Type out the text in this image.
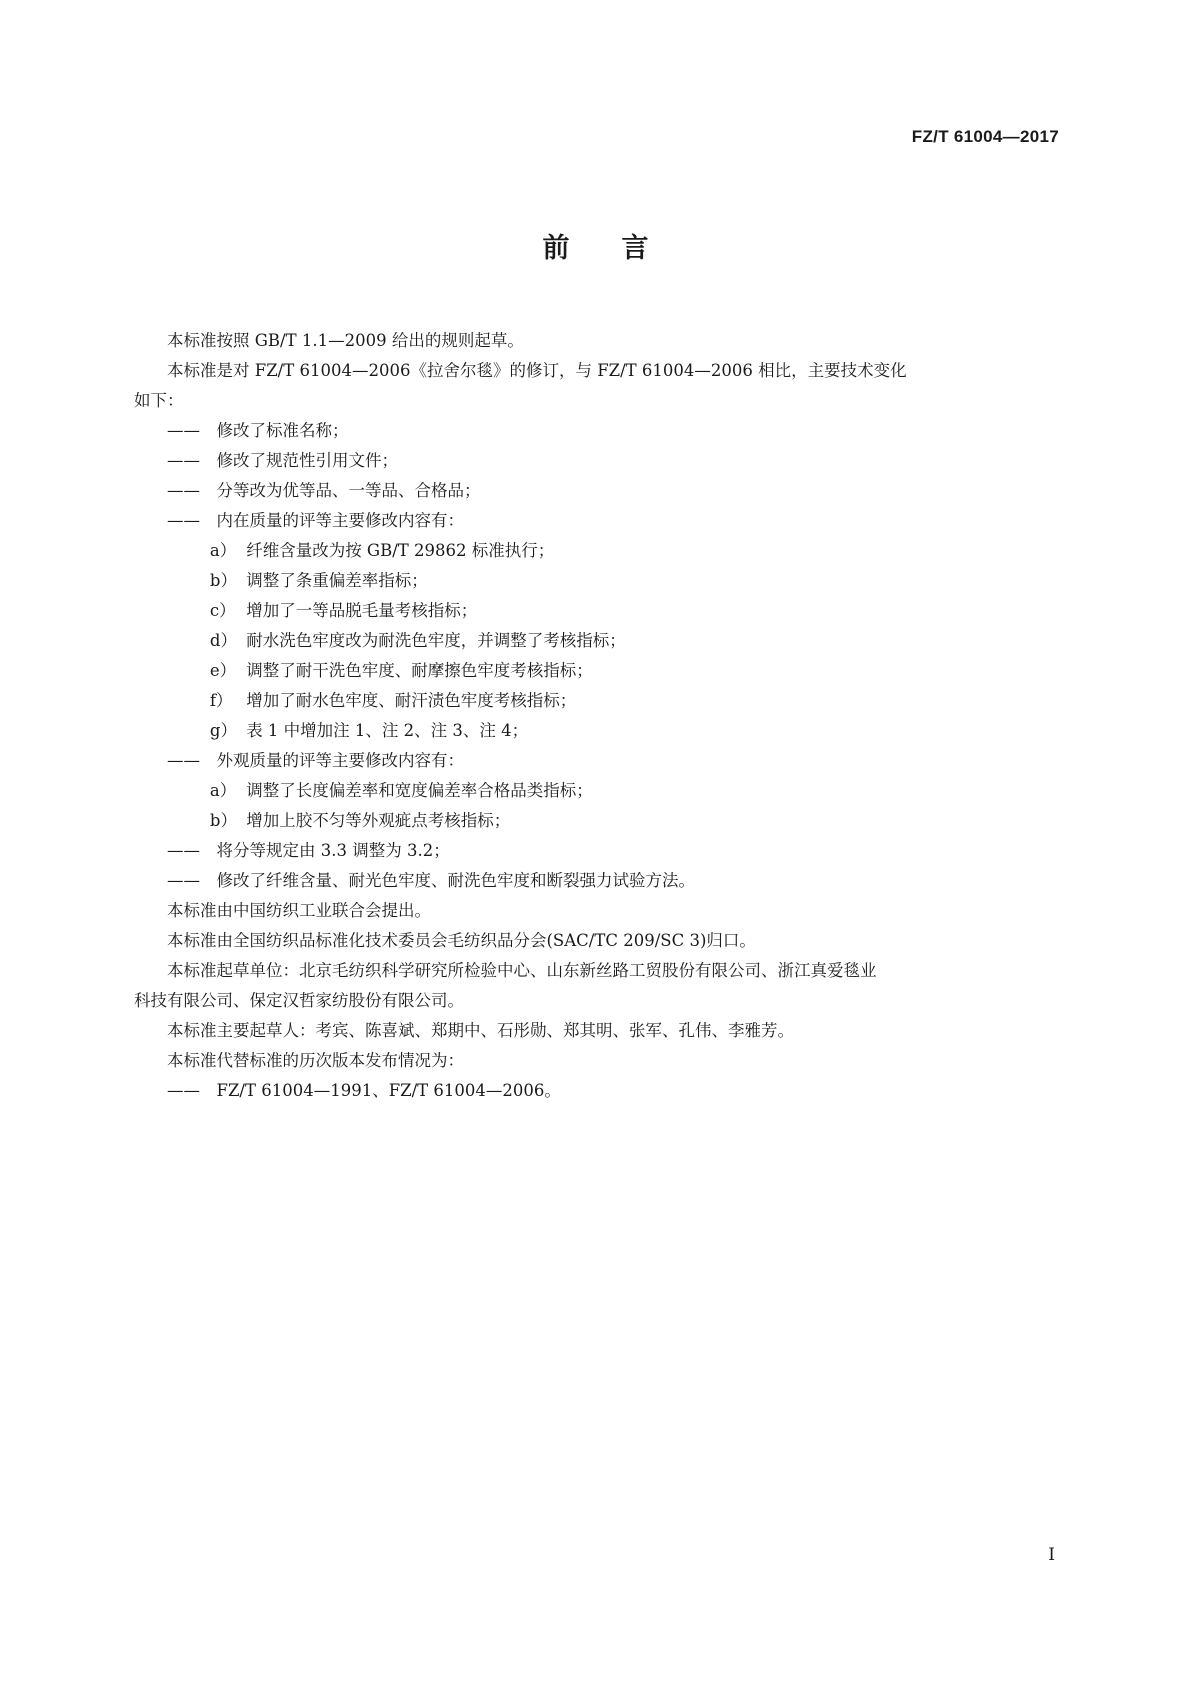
FZ/T 61004—2017
前言

本标准按照 GB/T 1.1—2009 给出的规则起草。

本标准是对 FZ/T 61004—2006《拉舍尔毯》的修订，与 FZ/T 61004—2006 相比，主要技术变化
如下：

—— 修改了标准名称；

—— 修改了规范性引用文件；

—— 分等改为优等品、一等品、合格品；

—— 内在质量的评等主要修改内容有：

a） 纤维含量改为按 GB/T 29862 标准执行；

b） 调整了条重偏差率指标；

c） 增加了一等品脱毛量考核指标；

d） 耐水洗色牢度改为耐洗色牢度，并调整了考核指标；

e） 调整了耐干洗色牢度、耐摩擦色牢度考核指标；

f） 增加了耐水色牢度、耐汗渍色牢度考核指标；

g） 表 1 中增加注 1、注 2、注 3、注 4；

—— 外观质量的评等主要修改内容有：

a） 调整了长度偏差率和宽度偏差率合格品类指标；

b） 增加上胶不匀等外观疵点考核指标；

—— 将分等规定由 3.3 调整为 3.2；

—— 修改了纤维含量、耐光色牢度、耐洗色牢度和断裂强力试验方法。

本标准由中国纺织工业联合会提出。

本标准由全国纺织品标准化技术委员会毛纺织品分会(SAC/TC 209/SC 3)归口。

本标准起草单位：北京毛纺织科学研究所检验中心、山东新丝路工贸股份有限公司、浙江真爱毯业
科技有限公司、保定汉哲家纺股份有限公司。

本标准主要起草人：考宾、陈喜斌、郑期中、石彤勋、郑其明、张军、孔伟、李雅芳。

本标准代替标准的历次版本发布情况为：

—— FZ/T 61004—1991、FZ/T 61004—2006。

I
